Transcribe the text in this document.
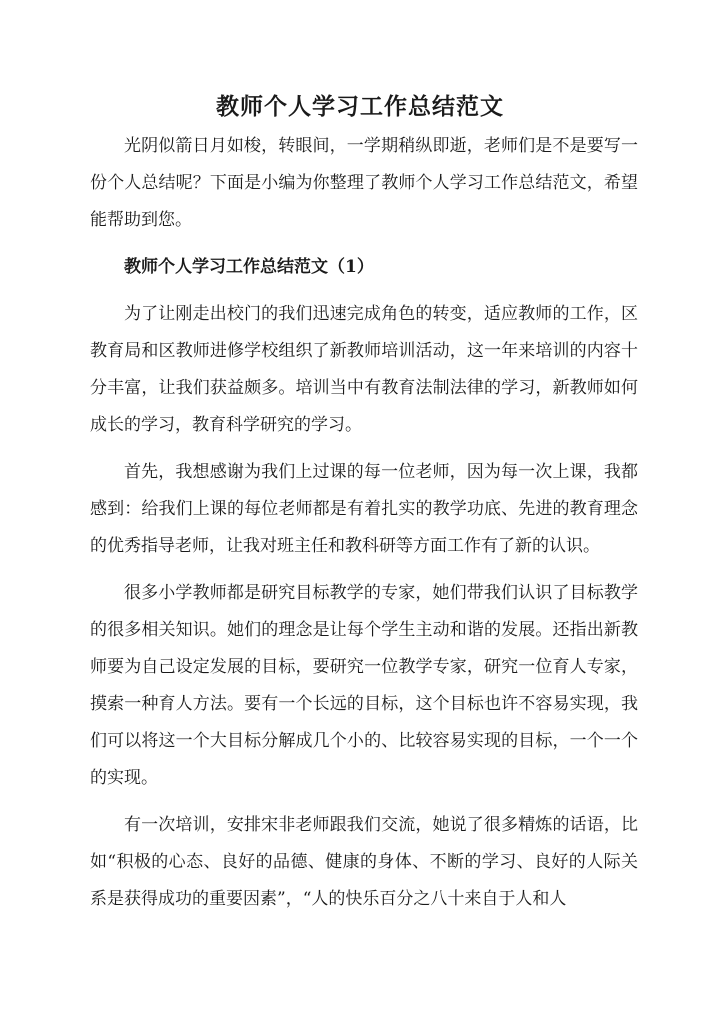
教师个人学习工作总结范文

光阴似箭日月如梭，转眼间，一学期稍纵即逝，老师们是不是要写一份个人总结呢？下面是小编为你整理了教师个人学习工作总结范文，希望能帮助到您。

教师个人学习工作总结范文（1）

为了让刚走出校门的我们迅速完成角色的转变，适应教师的工作，区教育局和区教师进修学校组织了新教师培训活动，这一年来培训的内容十分丰富，让我们获益颇多。培训当中有教育法制法律的学习，新教师如何成长的学习，教育科学研究的学习。

首先，我想感谢为我们上过课的每一位老师，因为每一次上课，我都感到：给我们上课的每位老师都是有着扎实的教学功底、先进的教育理念的优秀指导老师，让我对班主任和教科研等方面工作有了新的认识。

很多小学教师都是研究目标教学的专家，她们带我们认识了目标教学的很多相关知识。她们的理念是让每个学生主动和谐的发展。还指出新教师要为自己设定发展的目标，要研究一位教学专家，研究一位育人专家，摸索一种育人方法。要有一个长远的目标，这个目标也许不容易实现，我们可以将这一个大目标分解成几个小的、比较容易实现的目标，一个一个的实现。

有一次培训，安排宋非老师跟我们交流，她说了很多精炼的话语，比如“积极的心态、良好的品德、健康的身体、不断的学习、良好的人际关系是获得成功的重要因素”，“人的快乐百分之八十来自于人和人
